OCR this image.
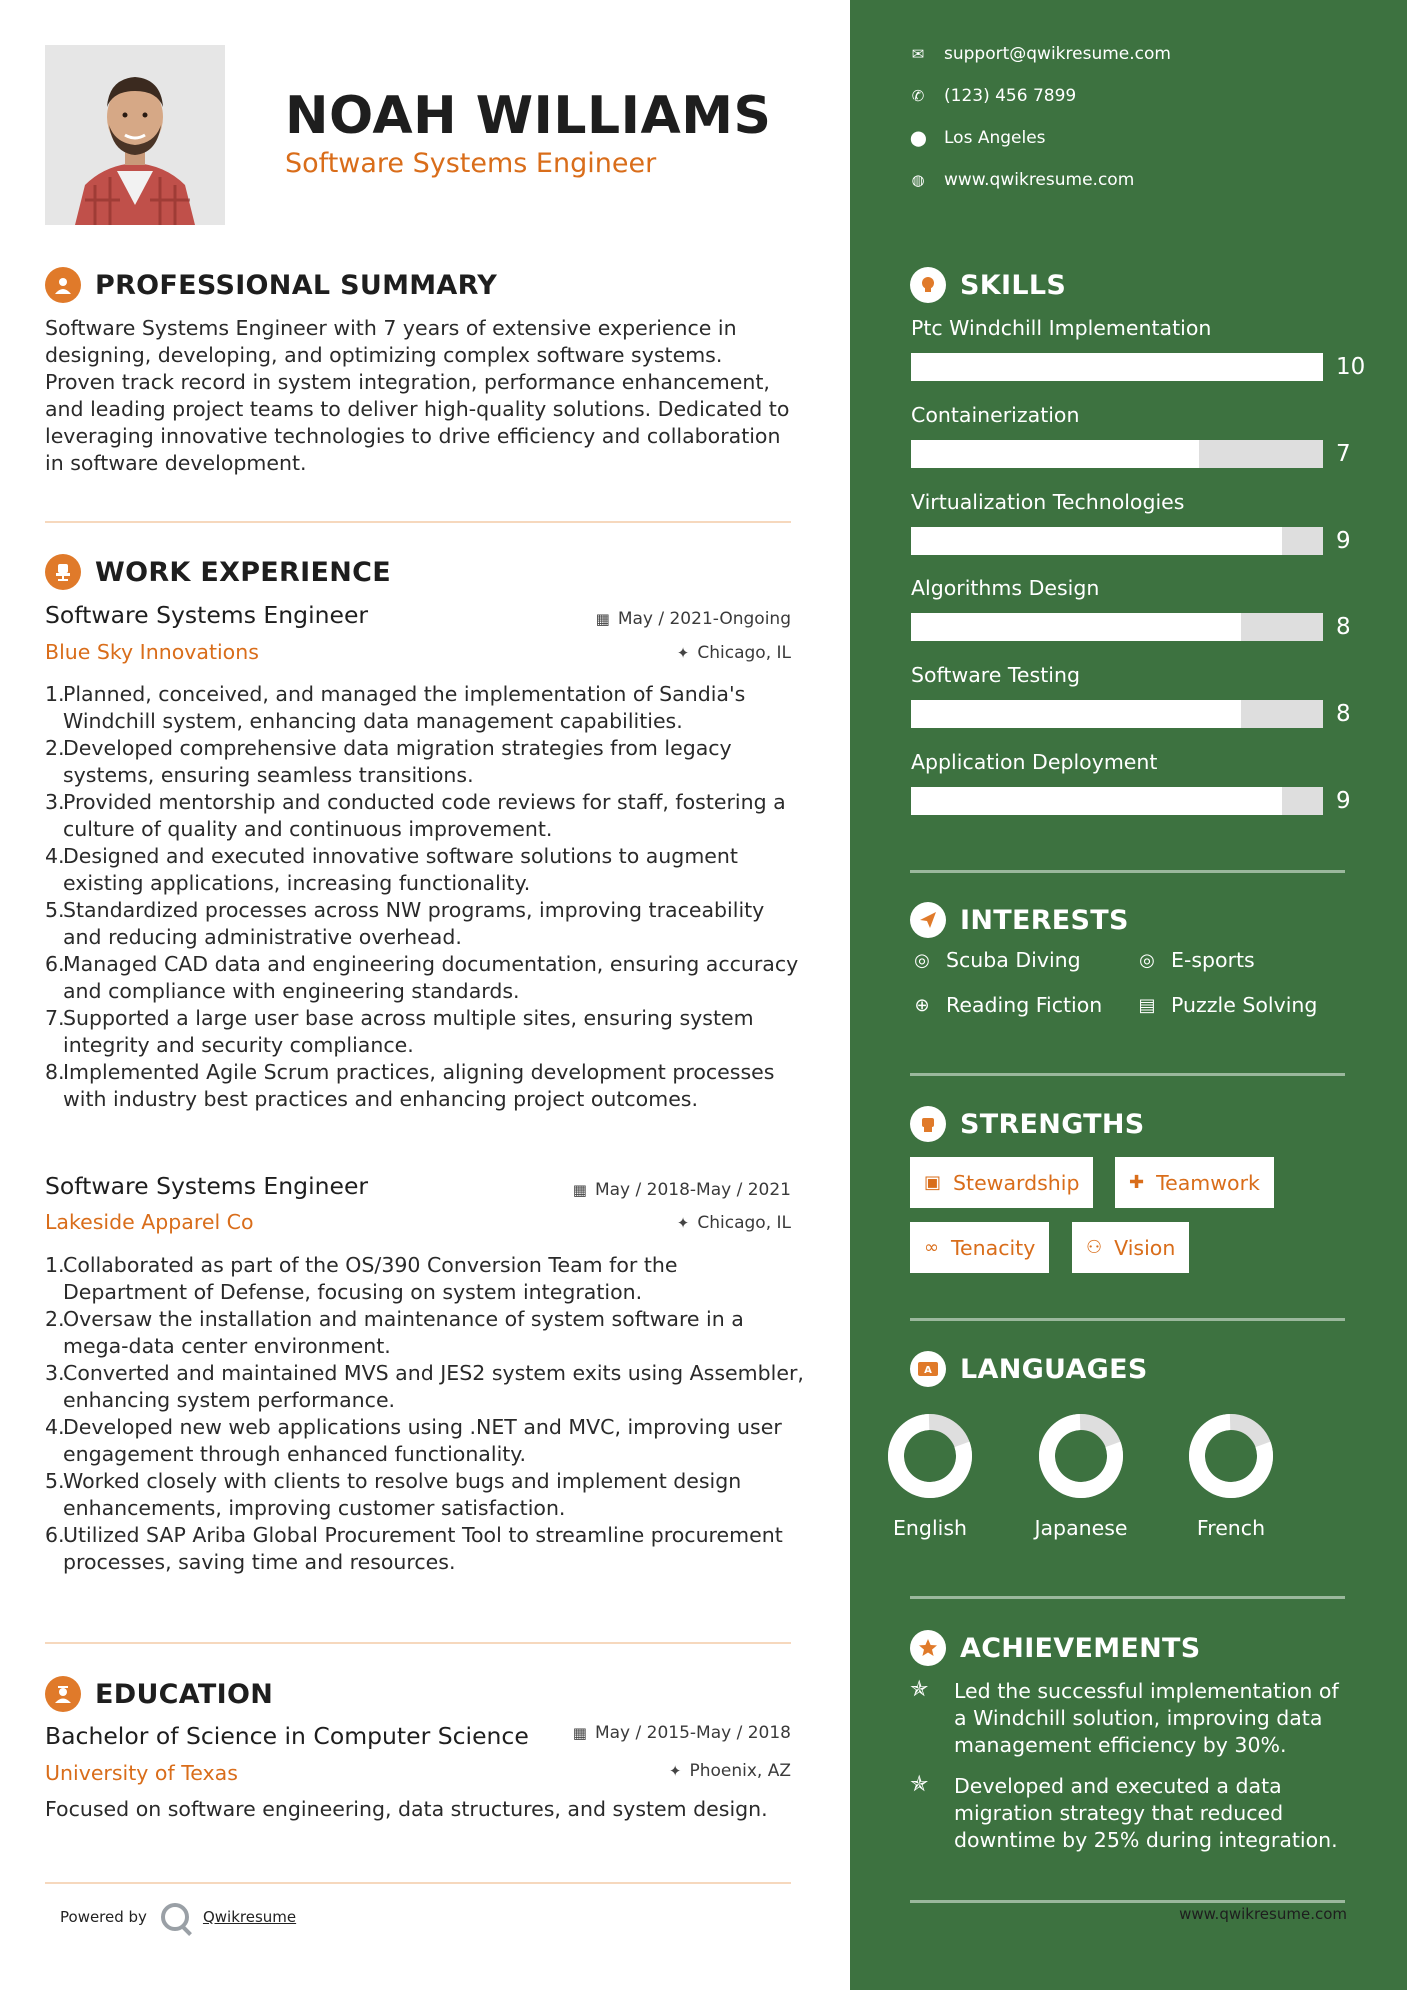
NOAH WILLIAMS
Software Systems Engineer
PROFESSIONAL SUMMARY
Software Systems Engineer with 7 years of extensive experience in designing, developing, and optimizing complex software systems. Proven track record in system integration, performance enhancement, and leading project teams to deliver high-quality solutions. Dedicated to leveraging innovative technologies to drive efficiency and collaboration in software development.
WORK EXPERIENCE
Software Systems Engineer	▦ May / 2021-Ongoing
Blue Sky Innovations	✦ Chicago, IL
1.
Planned, conceived, and managed the implementation of Sandia's Windchill system, enhancing data management capabilities.
2.
Developed comprehensive data migration strategies from legacy systems, ensuring seamless transitions.
3.
Provided mentorship and conducted code reviews for staff, fostering a culture of quality and continuous improvement.
4.
Designed and executed innovative software solutions to augment existing applications, increasing functionality.
5.
Standardized processes across NW programs, improving traceability and reducing administrative overhead.
6.
Managed CAD data and engineering documentation, ensuring accuracy and compliance with engineering standards.
7.
Supported a large user base across multiple sites, ensuring system integrity and security compliance.
8.
Implemented Agile Scrum practices, aligning development processes with industry best practices and enhancing project outcomes.
Software Systems Engineer	▦ May / 2018-May / 2021
Lakeside Apparel Co	✦ Chicago, IL
1.
Collaborated as part of the OS/390 Conversion Team for the Department of Defense, focusing on system integration.
2.
Oversaw the installation and maintenance of system software in a mega-data center environment.
3.
Converted and maintained MVS and JES2 system exits using Assembler, enhancing system performance.
4.
Developed new web applications using .NET and MVC, improving user engagement through enhanced functionality.
5.
Worked closely with clients to resolve bugs and implement design enhancements, improving customer satisfaction.
6.
Utilized SAP Ariba Global Procurement Tool to streamline procurement processes, saving time and resources.
EDUCATION
Bachelor of Science in Computer Science	▦ May / 2015-May / 2018
University of Texas	✦ Phoenix, AZ
Focused on software engineering, data structures, and system design.
Powered by	Qwikresume
✉ support@qwikresume.com
✆ (123) 456 7899
⬤ Los Angeles
◍ www.qwikresume.com
SKILLS
Ptc Windchill Implementation
10
Containerization
7
Virtualization Technologies
9
Algorithms Design
8
Software Testing
8
Application Deployment
9
INTERESTS
◎ Scuba Diving	◎ E-sports
⊕ Reading Fiction ▤ Puzzle Solving
STRENGTHS
▣ Stewardship	✚ Teamwork
∞ Tenacity	⚇ Vision
A LANGUAGES
English	Japanese	French
ACHIEVEMENTS
✯	Led the successful implementation of a Windchill solution, improving data management efficiency by 30%.
✯	Developed and executed a data migration strategy that reduced downtime by 25% during integration.
www.qwikresume.com
